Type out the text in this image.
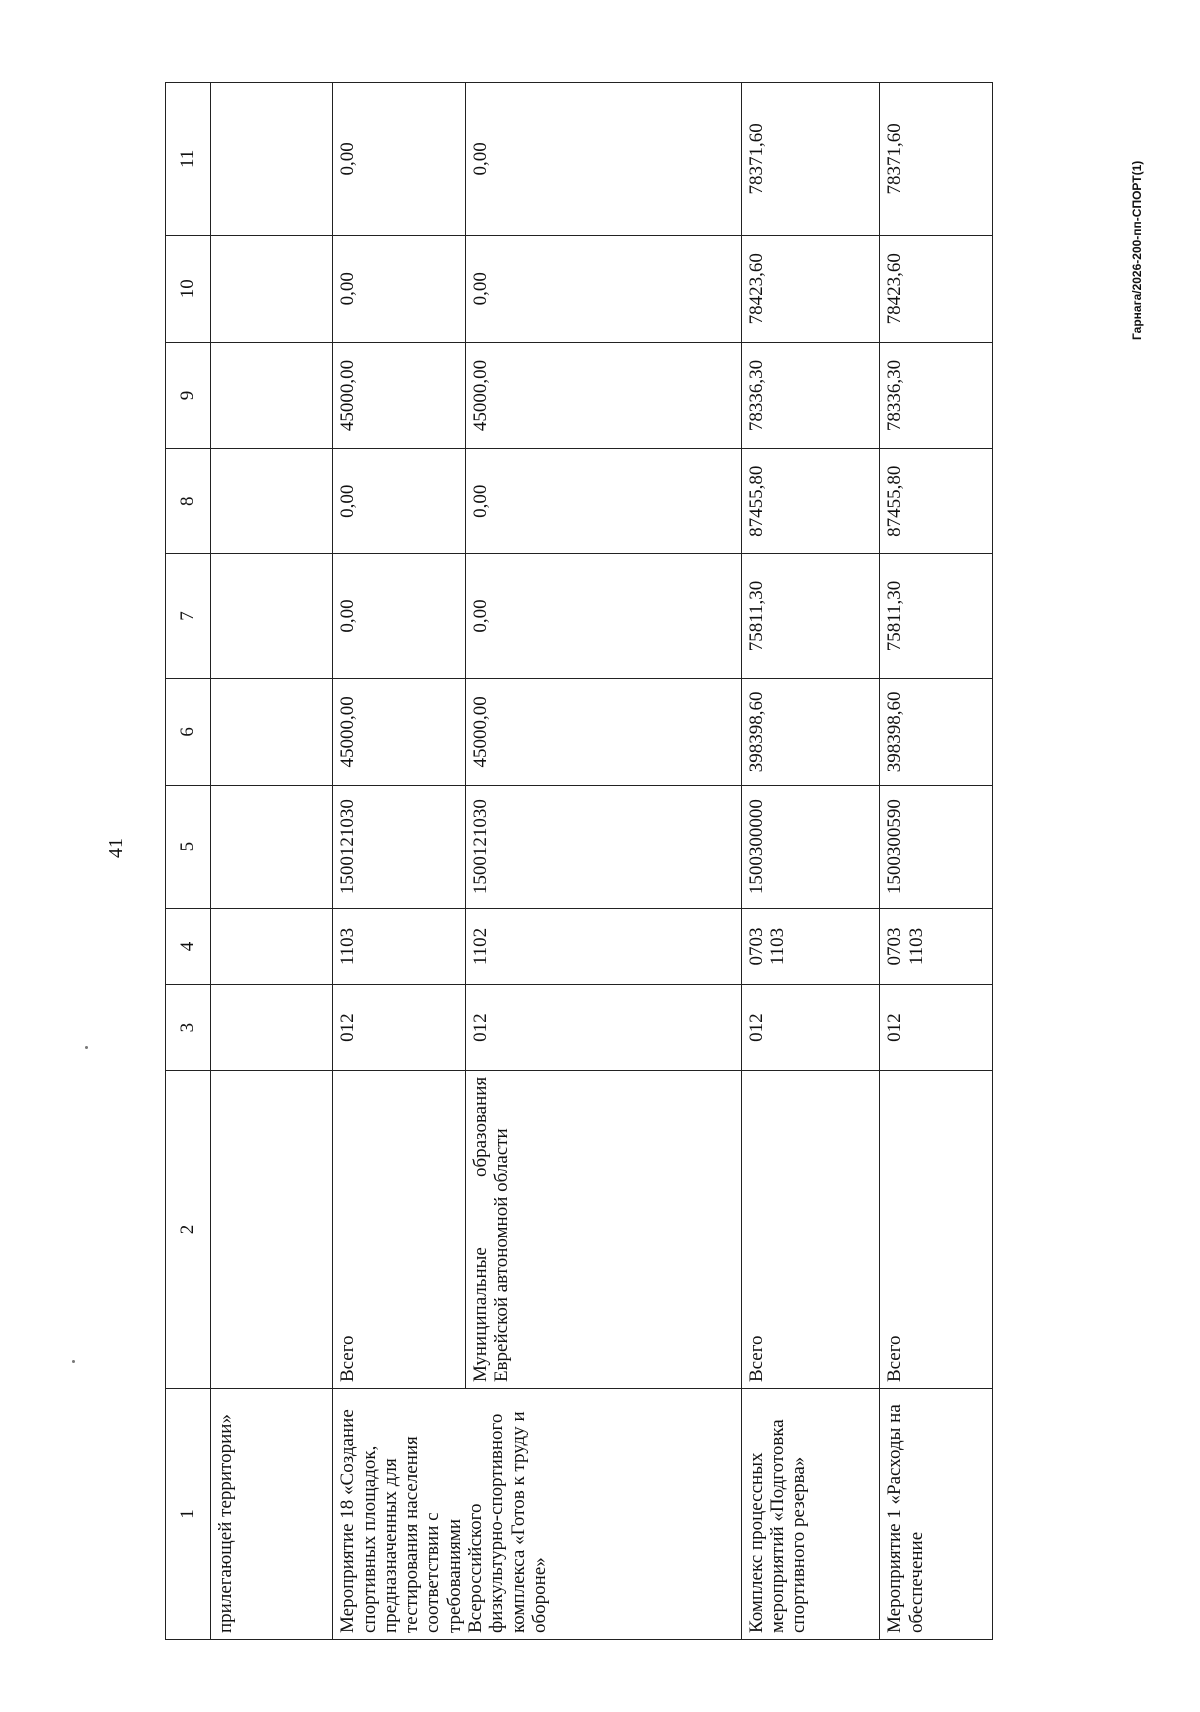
41
Гарнага/2026-200-пп-СПОРТ(1)
1	2	3	4	5	6	7	8	9	10	11
прилегающей территории»										
Мероприятие 18 «Создание спортивных площадок, предназначенных для тестирования населения соответствии с требованиями Всероссийского физкультурно-спортивного комплекса «Готов к труду и обороне»	Всего	012	1103	1500121030	45000,00	0,00	0,00	45000,00	0,00	0,00
	Муниципальные образования Еврейской автономной области	012	1102	1500121030	45000,00	0,00	0,00	45000,00	0,00	0,00
Комплекс процессных мероприятий «Подготовка спортивного резерва»	Всего	012	0703 1103	1500300000	398398,60	75811,30	87455,80	78336,30	78423,60	78371,60
Мероприятие 1 «Расходы на обеспечение	Всего	012	0703 1103	1500300590	398398,60	75811,30	87455,80	78336,30	78423,60	78371,60
